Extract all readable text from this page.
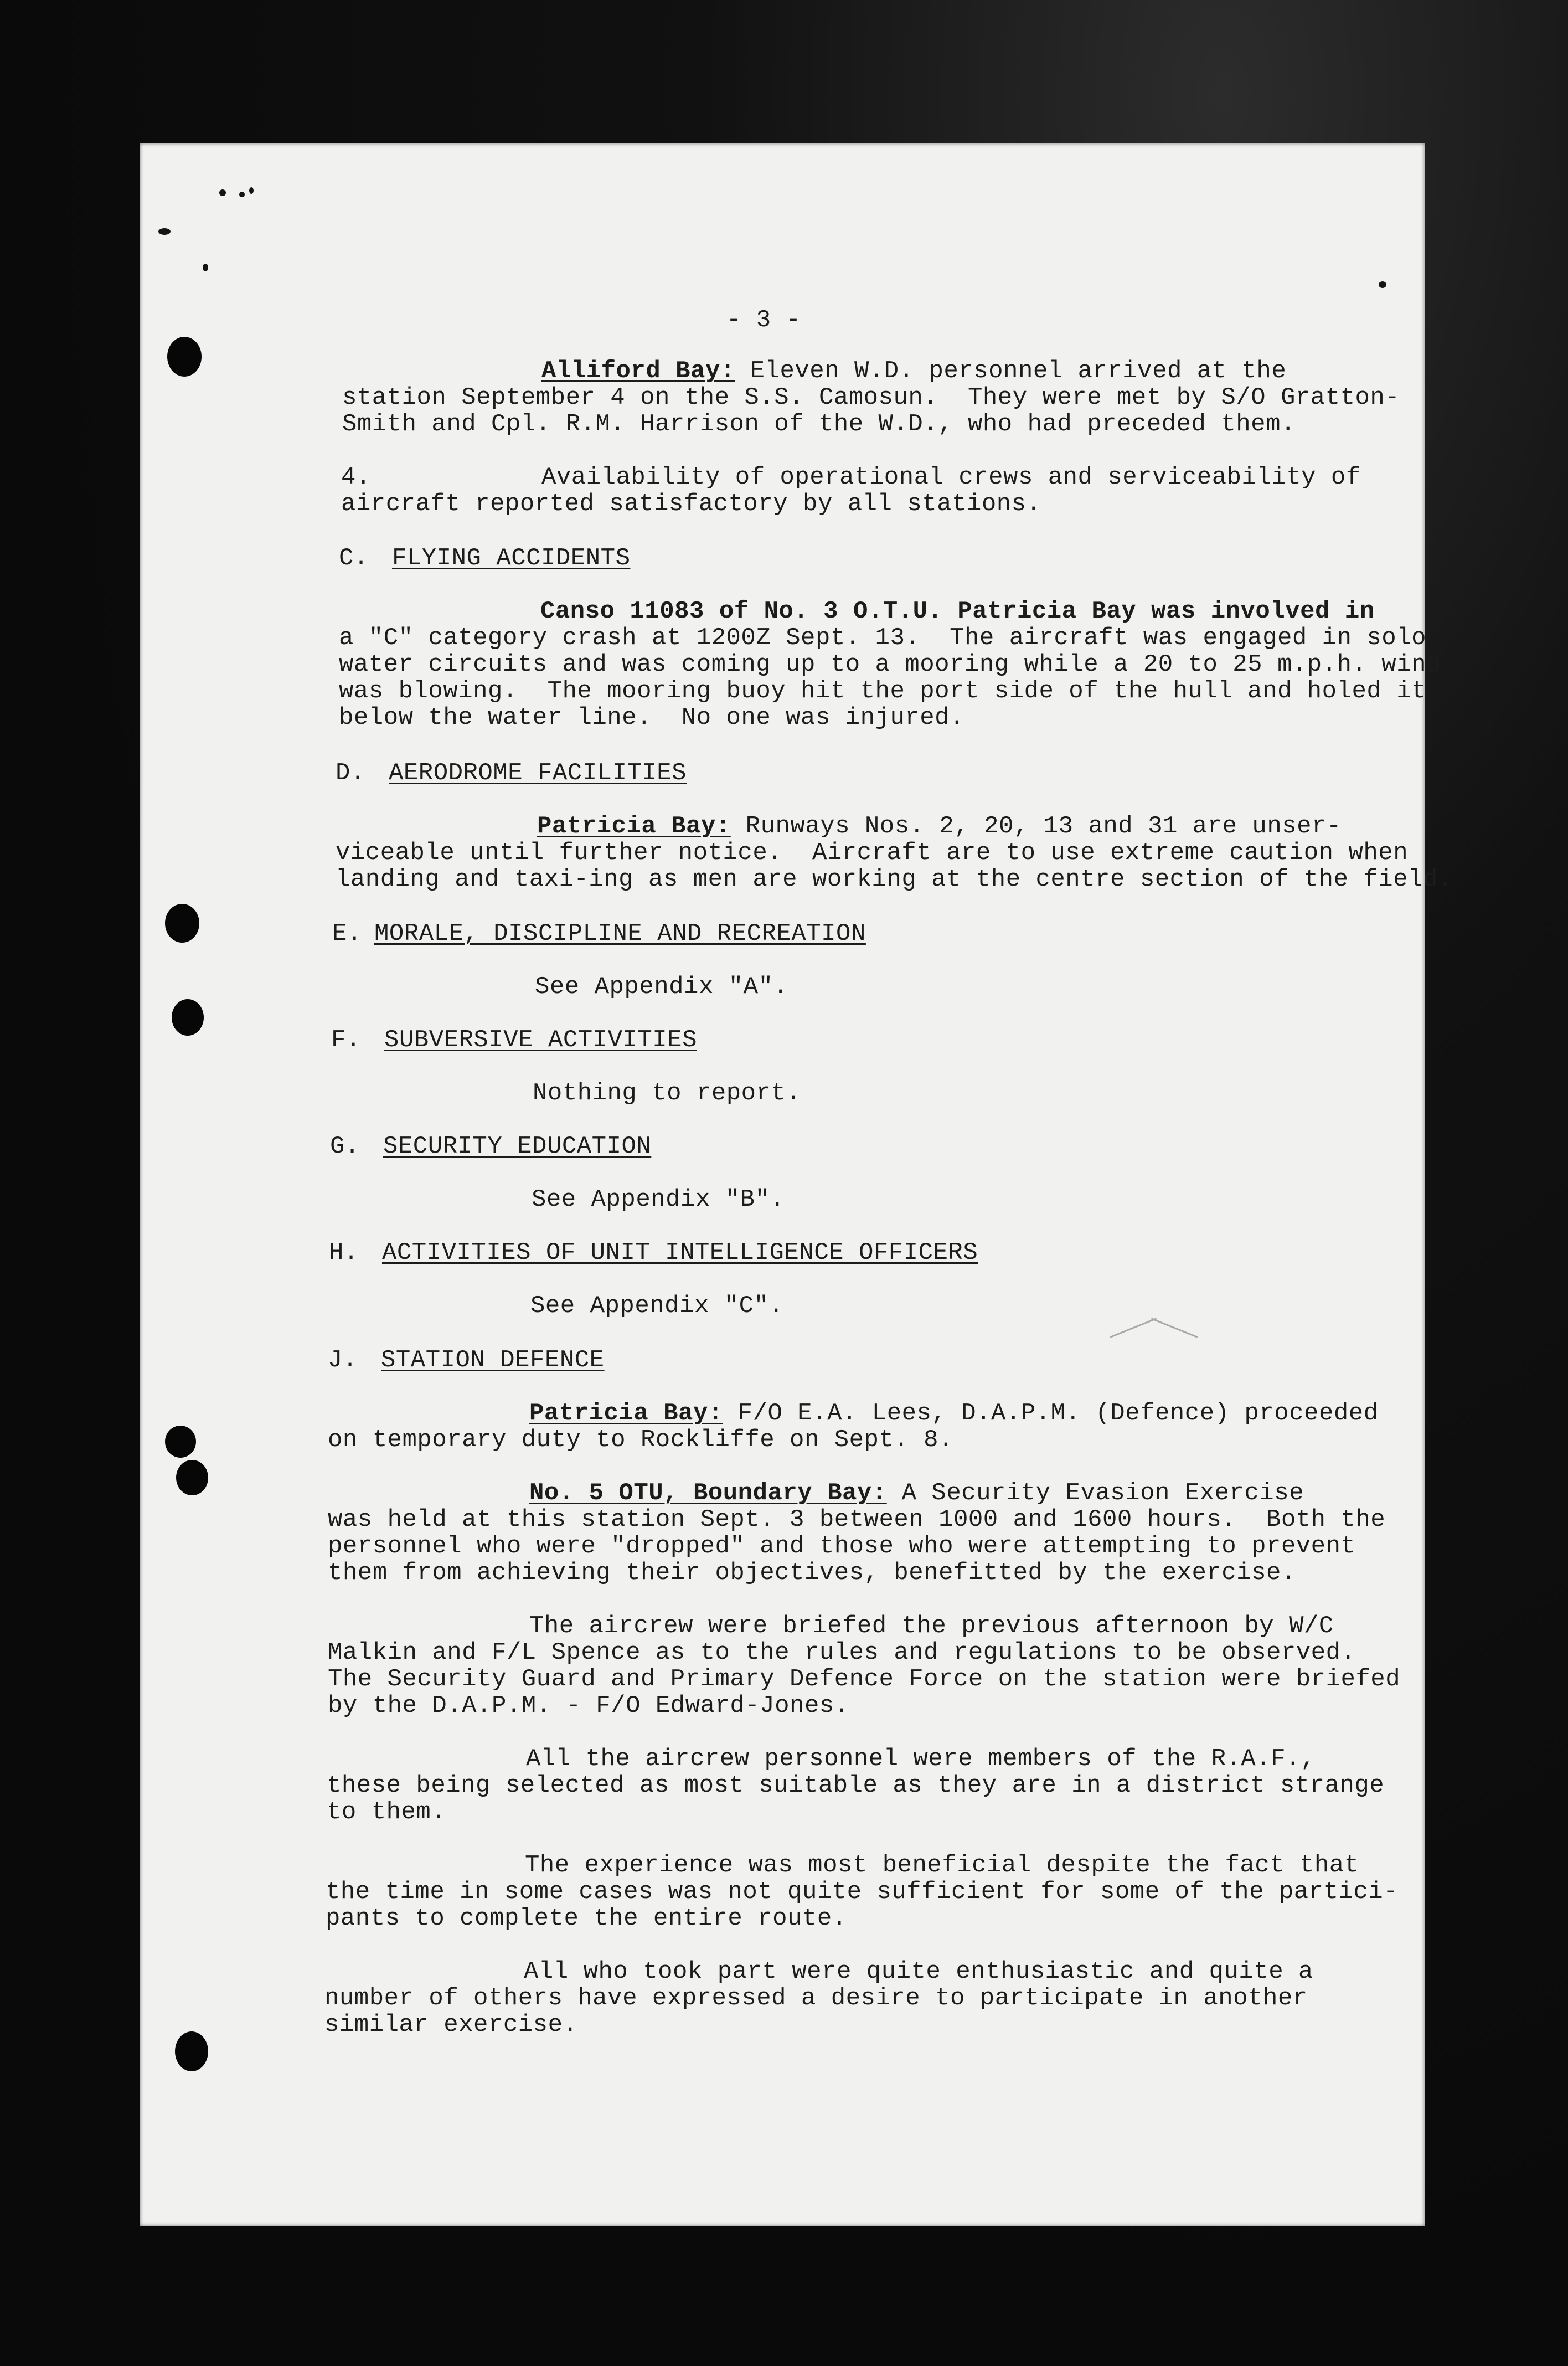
- 3 -
Alliford Bay: Eleven W.D. personnel arrived at the
station September 4 on the S.S. Camosun.  They were met by S/O Gratton-
Smith and Cpl. R.M. Harrison of the W.D., who had preceded them.
4.	Availability of operational crews and serviceability of
aircraft reported satisfactory by all stations.
C. FLYING ACCIDENTS
Canso 11083 of No. 3 O.T.U. Patricia Bay was involved in
a "C" category crash at 1200Z Sept. 13.  The aircraft was engaged in solo
water circuits and was coming up to a mooring while a 20 to 25 m.p.h. wind
was blowing.  The mooring buoy hit the port side of the hull and holed it
below the water line.  No one was injured.
D. AERODROME FACILITIES
Patricia Bay: Runways Nos. 2, 20, 13 and 31 are unser-
viceable until further notice.  Aircraft are to use extreme caution when
landing and taxi-ing as men are working at the centre section of the field.
E. MORALE, DISCIPLINE AND RECREATION
See Appendix "A".
F. SUBVERSIVE ACTIVITIES
Nothing to report.
G. SECURITY EDUCATION
See Appendix "B".
H. ACTIVITIES OF UNIT INTELLIGENCE OFFICERS
See Appendix "C".
J. STATION DEFENCE
Patricia Bay: F/O E.A. Lees, D.A.P.M. (Defence) proceeded
on temporary duty to Rockliffe on Sept. 8.
No. 5 OTU, Boundary Bay: A Security Evasion Exercise
was held at this station Sept. 3 between 1000 and 1600 hours.  Both the
personnel who were "dropped" and those who were attempting to prevent
them from achieving their objectives, benefitted by the exercise.
The aircrew were briefed the previous afternoon by W/C
Malkin and F/L Spence as to the rules and regulations to be observed.
The Security Guard and Primary Defence Force on the station were briefed
by the D.A.P.M. - F/O Edward-Jones.
All the aircrew personnel were members of the R.A.F.,
these being selected as most suitable as they are in a district strange
to them.
The experience was most beneficial despite the fact that
the time in some cases was not quite sufficient for some of the partici-
pants to complete the entire route.
All who took part were quite enthusiastic and quite a
number of others have expressed a desire to participate in another
similar exercise.
